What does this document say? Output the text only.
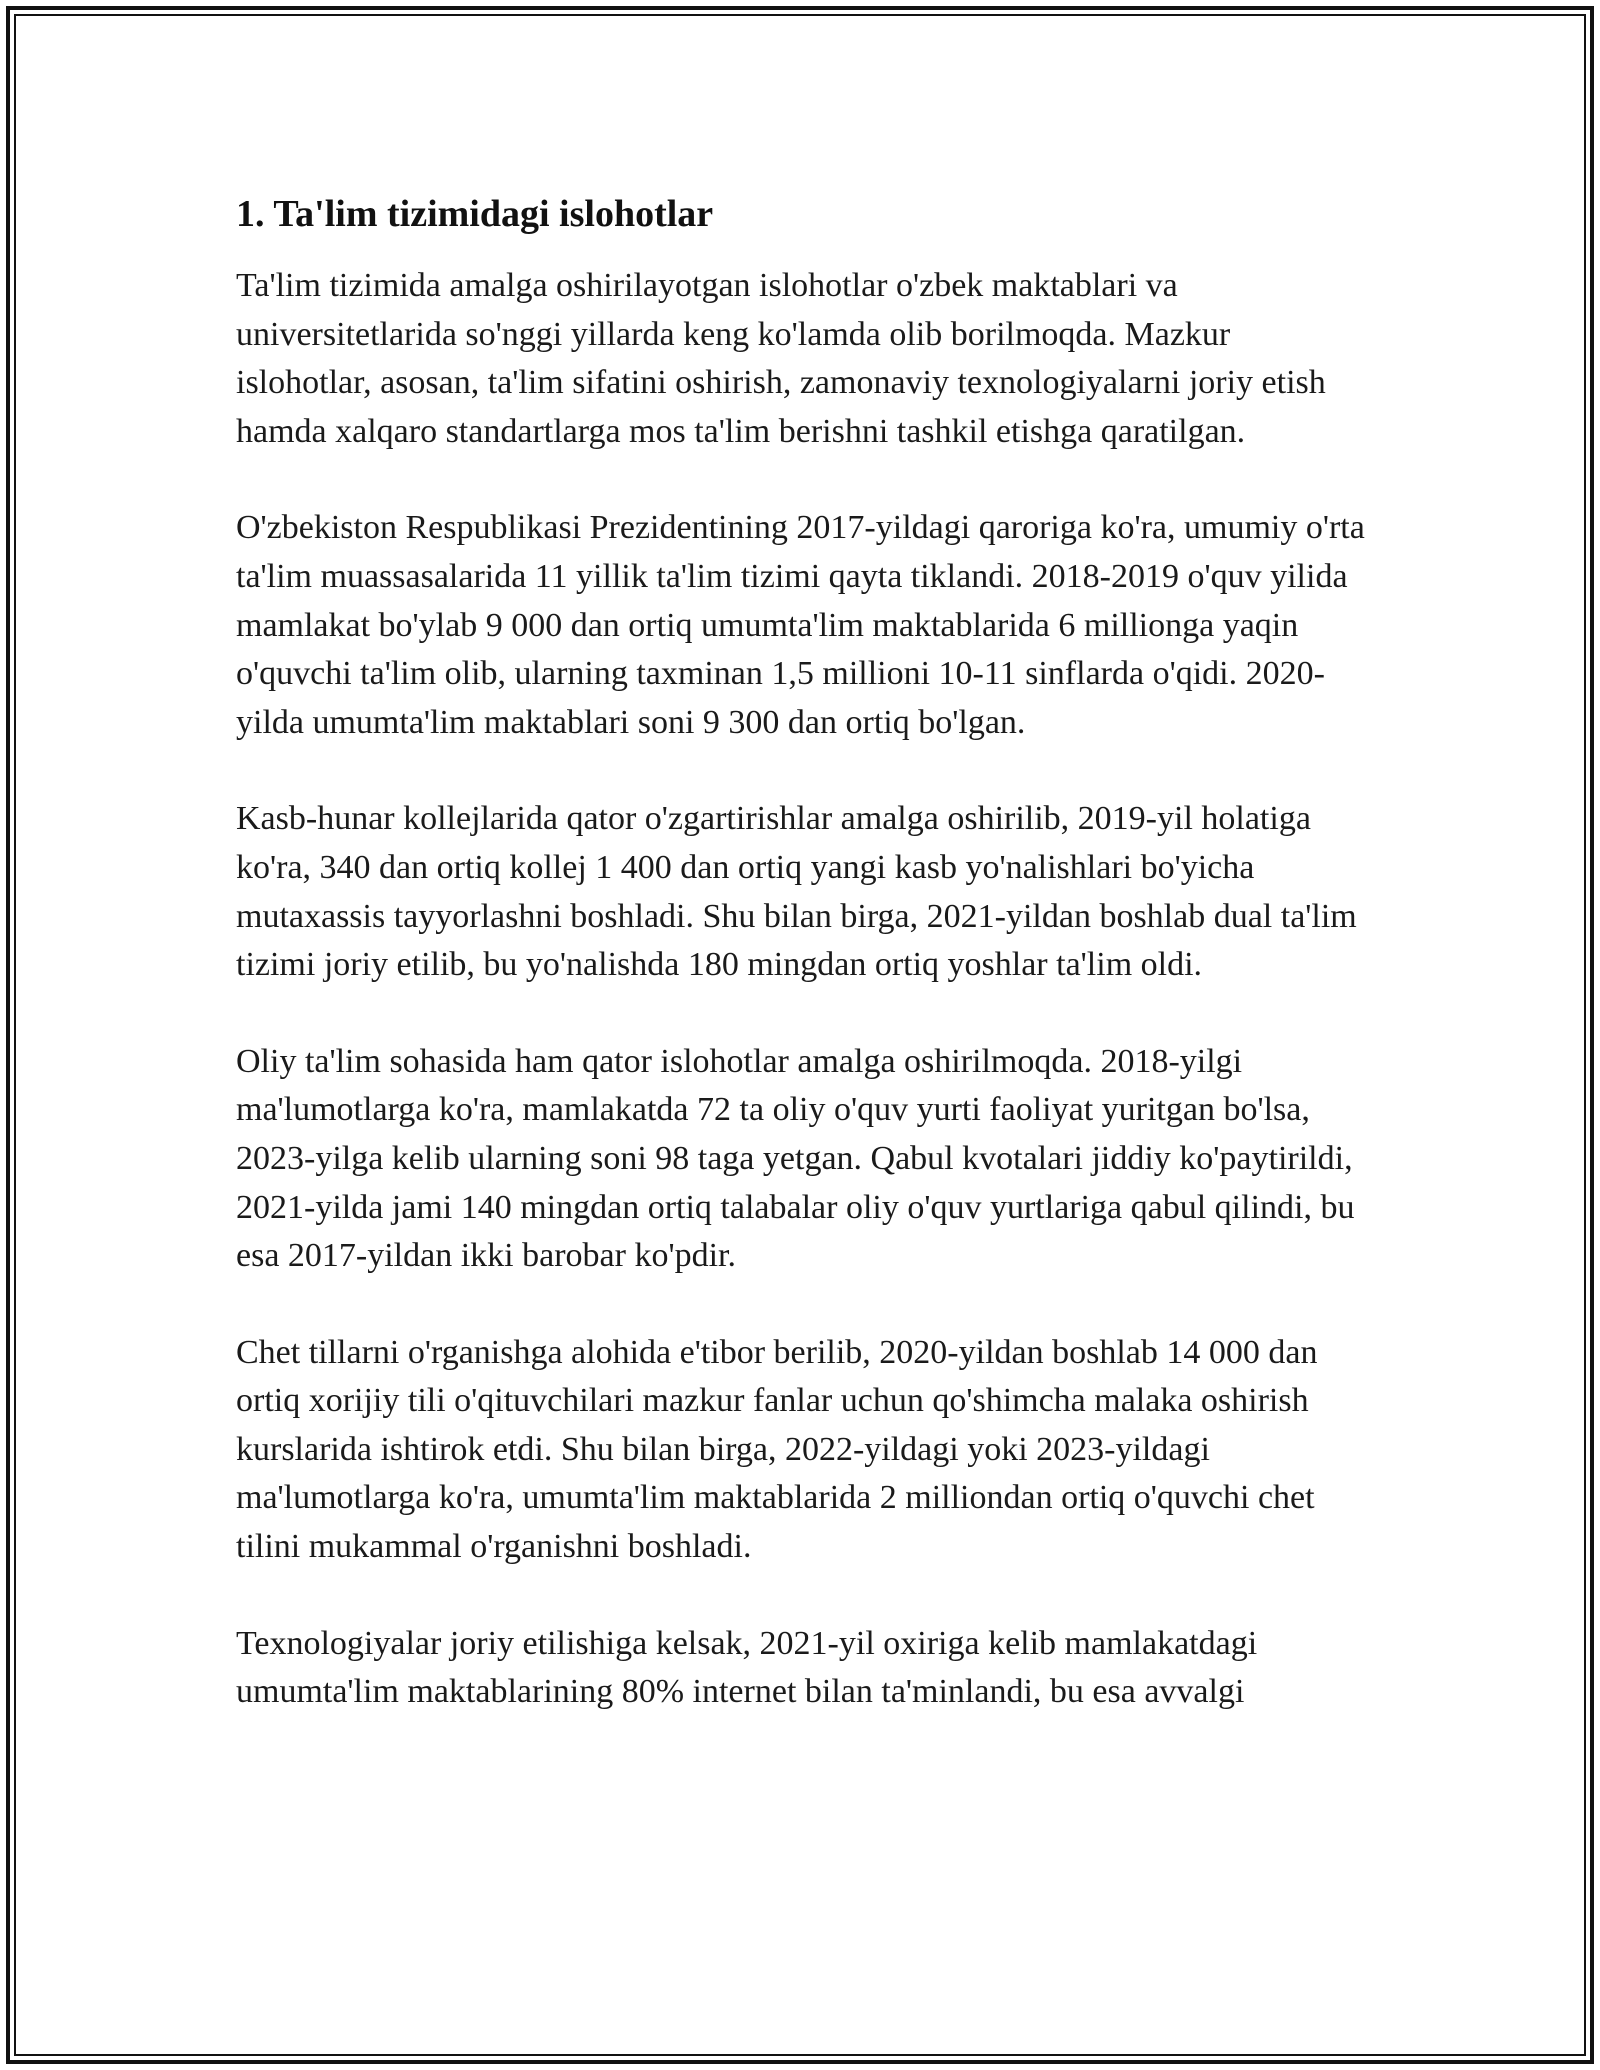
1. Ta'lim tizimidagi islohotlar

Ta'lim tizimida amalga oshirilayotgan islohotlar o'zbek maktablari va universitetlarida so'nggi yillarda keng ko'lamda olib borilmoqda. Mazkur islohotlar, asosan, ta'lim sifatini oshirish, zamonaviy texnologiyalarni joriy etish hamda xalqaro standartlarga mos ta'lim berishni tashkil etishga qaratilgan.

O'zbekiston Respublikasi Prezidentining 2017-yildagi qaroriga ko'ra, umumiy o'rta ta'lim muassasalarida 11 yillik ta'lim tizimi qayta tiklandi. 2018-2019 o'quv yilida mamlakat bo'ylab 9 000 dan ortiq umumta'lim maktablarida 6 millionga yaqin o'quvchi ta'lim olib, ularning taxminan 1,5 millioni 10-11 sinflarda o'qidi. 2020-yilda umumta'lim maktablari soni 9 300 dan ortiq bo'lgan.

Kasb-hunar kollejlarida qator o'zgartirishlar amalga oshirilib, 2019-yil holatiga ko'ra, 340 dan ortiq kollej 1 400 dan ortiq yangi kasb yo'nalishlari bo'yicha mutaxassis tayyorlashni boshladi. Shu bilan birga, 2021-yildan boshlab dual ta'lim tizimi joriy etilib, bu yo'nalishda 180 mingdan ortiq yoshlar ta'lim oldi.

Oliy ta'lim sohasida ham qator islohotlar amalga oshirilmoqda. 2018-yilgi ma'lumotlarga ko'ra, mamlakatda 72 ta oliy o'quv yurti faoliyat yuritgan bo'lsa, 2023-yilga kelib ularning soni 98 taga yetgan. Qabul kvotalari jiddiy ko'paytirildi, 2021-yilda jami 140 mingdan ortiq talabalar oliy o'quv yurtlariga qabul qilindi, bu esa 2017-yildan ikki barobar ko'pdir.

Chet tillarni o'rganishga alohida e'tibor berilib, 2020-yildan boshlab 14 000 dan ortiq xorijiy tili o'qituvchilari mazkur fanlar uchun qo'shimcha malaka oshirish kurslarida ishtirok etdi. Shu bilan birga, 2022-yildagi yoki 2023-yildagi ma'lumotlarga ko'ra, umumta'lim maktablarida 2 milliondan ortiq o'quvchi chet tilini mukammal o'rganishni boshladi.

Texnologiyalar joriy etilishiga kelsak, 2021-yil oxiriga kelib mamlakatdagi umumta'lim maktablarining 80% internet bilan ta'minlandi, bu esa avvalgi
